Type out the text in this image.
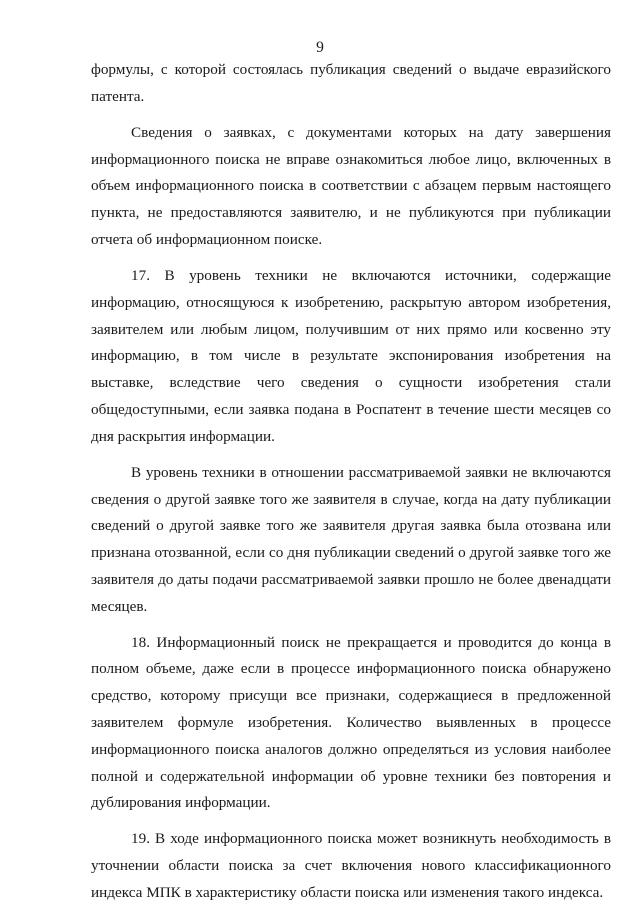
9

формулы, с которой состоялась публикация сведений о выдаче евразийского патента.

Сведения о заявках, с документами которых на дату завершения информационного поиска не вправе ознакомиться любое лицо, включенных в объем информационного поиска в соответствии с абзацем первым настоящего пункта, не предоставляются заявителю, и не публикуются при публикации отчета об информационном поиске.

17. В уровень техники не включаются источники, содержащие информацию, относящуюся к изобретению, раскрытую автором изобретения, заявителем или любым лицом, получившим от них прямо или косвенно эту информацию, в том числе в результате экспонирования изобретения на выставке, вследствие чего сведения о сущности изобретения стали общедоступными, если заявка подана в Роспатент в течение шести месяцев со дня раскрытия информации.

В уровень техники в отношении рассматриваемой заявки не включаются сведения о другой заявке того же заявителя в случае, когда на дату публикации сведений о другой заявке того же заявителя другая заявка была отозвана или признана отозванной, если со дня публикации сведений о другой заявке того же заявителя до даты подачи рассматриваемой заявки прошло не более двенадцати месяцев.

18. Информационный поиск не прекращается и проводится до конца в полном объеме, даже если в процессе информационного поиска обнаружено средство, которому присущи все признаки, содержащиеся в предложенной заявителем формуле изобретения. Количество выявленных в процессе информационного поиска аналогов должно определяться из условия наиболее полной и содержательной информации об уровне техники без повторения и дублирования информации.

19. В ходе информационного поиска может возникнуть необходимость в уточнении области поиска за счет включения нового классификационного индекса МПК в характеристику области поиска или изменения такого индекса.
